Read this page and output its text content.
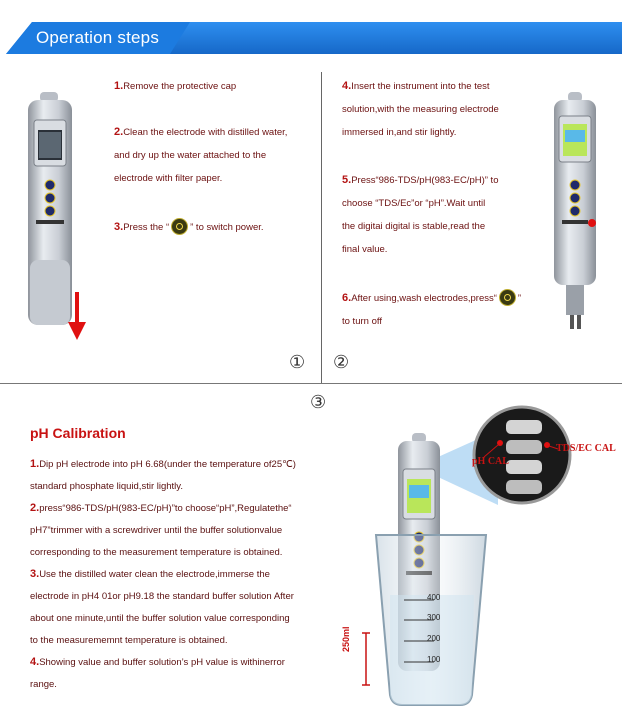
Operation steps
1.Remove the protective cap
2.Clean the electrode with distilled water,
and dry up the water attached to the
electrode with filter paper.
3.Press the “ ” to switch power.
4.Insert the instrument into the test
solution,with the measuring electrode
immersed in,and stir lightly.
5.Press“986-TDS/pH(983-EC/pH)” to
choose “TDS/Ec”or “pH”.Wait until
the digitai digital is stable,read the
final value.
6.After using,wash electrodes,press“ ”
to turn off
① ②
③
pH Calibration
1.Dip pH electrode into pH 6.68(under the temperature of25℃)
standard phosphate liquid,stir lightly.
2.press“986-TDS/pH(983-EC/pH)”to choose“pH”,Regulatethe“
pH7”trimmer with a screwdriver until the buffer solutionvalue
corresponding to the measurement temperature is obtained.
3.Use the distilled water clean the electrode,immerse the
electrode in pH4 01or pH9.18 the standard buffer solution After
about one minute,until the buffer solution value corresponding
to the measurememnt temperature is obtained.
4.Showing value and buffer solution’s pH value is withinerror
range.
400
300
200
100
250ml
pH CAL
TDS/EC CAL
